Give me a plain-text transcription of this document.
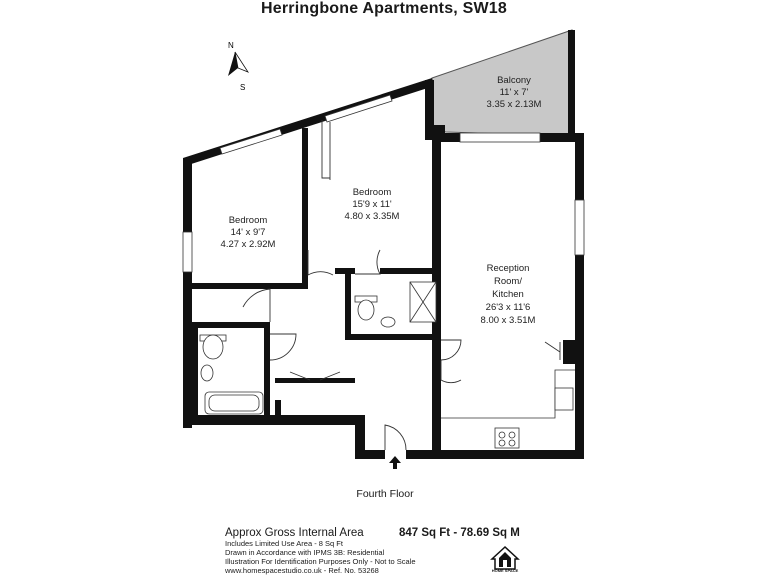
Herringbone Apartments, SW18
N
S
Balcony
11' x 7'
3.35 x 2.13M
Bedroom
14' x 9'7
4.27 x 2.92M
Bedroom
15'9 x 11'
4.80 x 3.35M
Reception
Room/
Kitchen
26'3 x 11'6
8.00 x 3.51M
Fourth Floor
Approx Gross Internal Area
Includes Limited Use Area - 8 Sq Ft
Drawn in Accordance with IPMS 3B: Residential
Illustration For Identification Purposes Only - Not to Scale
www.homespacestudio.co.uk - Ref. No. 53268
847 Sq Ft - 78.69 Sq M
HOME SPACE
